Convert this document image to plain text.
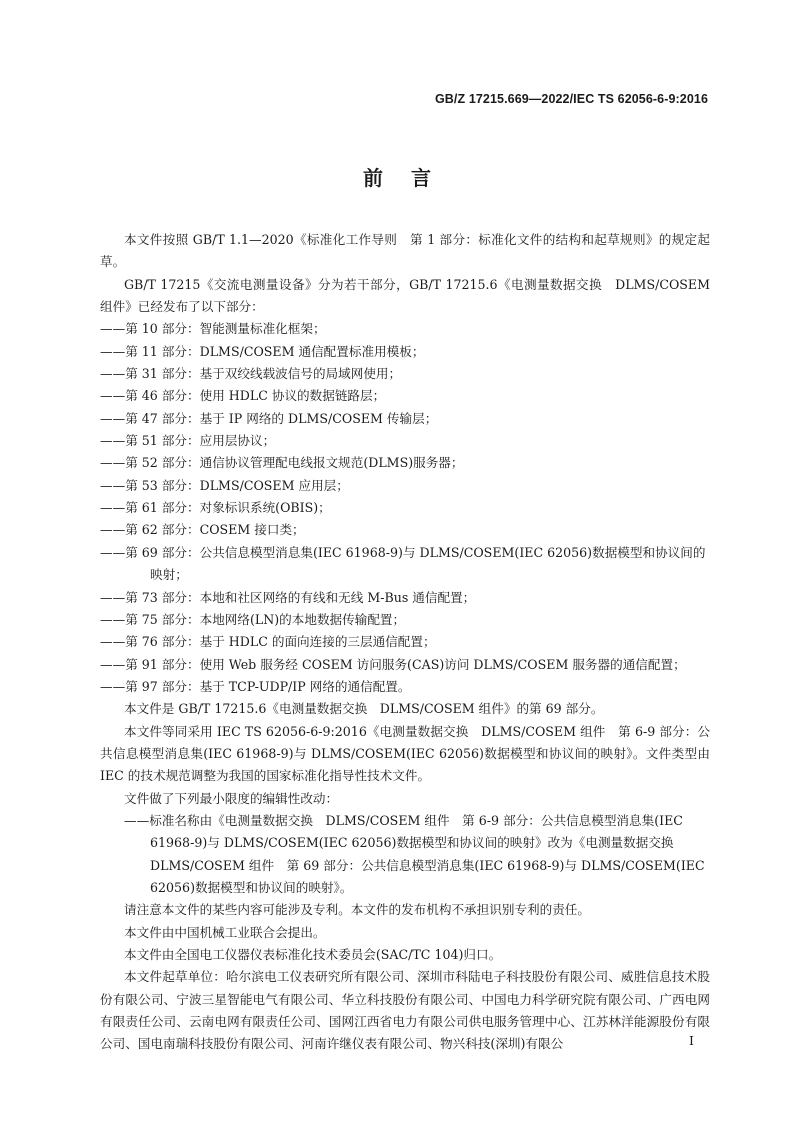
GB/Z 17215.669—2022/IEC TS 62056-6-9:2016
前 言

本文件按照 GB/T 1.1—2020《标准化工作导则　第 1 部分：标准化文件的结构和起草规则》的规定起草。

GB/T 17215《交流电测量设备》分为若干部分，GB/T 17215.6《电测量数据交换　DLMS/COSEM 组件》已经发布了以下部分：

——第 10 部分：智能测量标准化框架；

——第 11 部分：DLMS/COSEM 通信配置标准用模板；

——第 31 部分：基于双绞线载波信号的局域网使用；

——第 46 部分：使用 HDLC 协议的数据链路层；

——第 47 部分：基于 IP 网络的 DLMS/COSEM 传输层；

——第 51 部分：应用层协议；

——第 52 部分：通信协议管理配电线报文规范(DLMS)服务器；

——第 53 部分：DLMS/COSEM 应用层；

——第 61 部分：对象标识系统(OBIS)；

——第 62 部分：COSEM 接口类；

——第 69 部分：公共信息模型消息集(IEC 61968-9)与 DLMS/COSEM(IEC 62056)数据模型和协议间的映射；

——第 73 部分：本地和社区网络的有线和无线 M-Bus 通信配置；

——第 75 部分：本地网络(LN)的本地数据传输配置；

——第 76 部分：基于 HDLC 的面向连接的三层通信配置；

——第 91 部分：使用 Web 服务经 COSEM 访问服务(CAS)访问 DLMS/COSEM 服务器的通信配置；

——第 97 部分：基于 TCP-UDP/IP 网络的通信配置。

本文件是 GB/T 17215.6《电测量数据交换　DLMS/COSEM 组件》的第 69 部分。

本文件等同采用 IEC TS 62056-6-9:2016《电测量数据交换　DLMS/COSEM 组件　第 6-9 部分：公共信息模型消息集(IEC 61968-9)与 DLMS/COSEM(IEC 62056)数据模型和协议间的映射》。文件类型由 IEC 的技术规范调整为我国的国家标准化指导性技术文件。

文件做了下列最小限度的编辑性改动：

——标准名称由《电测量数据交换　DLMS/COSEM 组件　第 6-9 部分：公共信息模型消息集(IEC 61968-9)与 DLMS/COSEM(IEC 62056)数据模型和协议间的映射》改为《电测量数据交换　DLMS/COSEM 组件　第 69 部分：公共信息模型消息集(IEC 61968-9)与 DLMS/COSEM(IEC 62056)数据模型和协议间的映射》。

请注意本文件的某些内容可能涉及专利。本文件的发布机构不承担识别专利的责任。

本文件由中国机械工业联合会提出。

本文件由全国电工仪器仪表标准化技术委员会(SAC/TC 104)归口。

本文件起草单位：哈尔滨电工仪表研究所有限公司、深圳市科陆电子科技股份有限公司、威胜信息技术股份有限公司、宁波三星智能电气有限公司、华立科技股份有限公司、中国电力科学研究院有限公司、广西电网有限责任公司、云南电网有限责任公司、国网江西省电力有限公司供电服务管理中心、江苏林洋能源股份有限公司、国电南瑞科技股份有限公司、河南许继仪表有限公司、物兴科技(深圳)有限公	I
